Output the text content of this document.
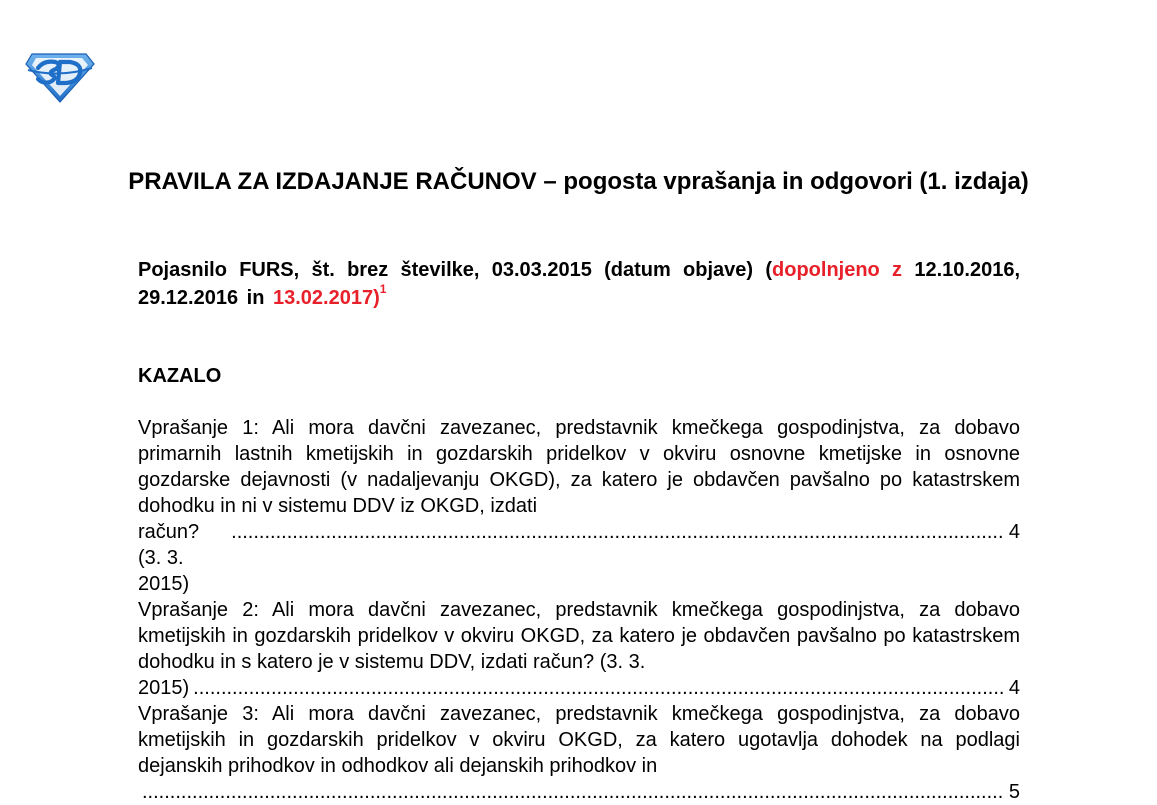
PRAVILA ZA IZDAJANJE RAČUNOV – pogosta vprašanja in odgovori (1. izdaja)

Pojasnilo FURS, št. brez številke, 03.03.2015 (datum objave) (dopolnjeno z 12.10.2016, 29.12.2016 in 13.02.2017)$^1$

KAZALO
Vprašanje 1: Ali mora davčni zavezanec, predstavnik kmečkega gospodinjstva, za dobavo primarnih lastnih kmetijskih in gozdarskih pridelkov v okviru osnovne kmetijske in osnovne gozdarske dejavnosti (v nadaljevanju OKGD), za katero je obdavčen pavšalno po katastrskem dohodku in ni v sistemu DDV iz OKGD, izdati
račun? (3. 3. 2015)
.....
4
Vprašanje 2: Ali mora davčni zavezanec, predstavnik kmečkega gospodinjstva, za dobavo kmetijskih in gozdarskih pridelkov v okviru OKGD, za katero je obdavčen pavšalno po katastrskem dohodku in s katero je v sistemu DDV, izdati račun? (3. 3.
2015)
.....	4
Vprašanje 3: Ali mora davčni zavezanec, predstavnik kmečkega gospodinjstva, za dobavo kmetijskih in gozdarskih pridelkov v okviru OKGD, za katero ugotavlja dohodek na podlagi dejanskih prihodkov in odhodkov ali dejanskih prihodkov in
.....
5
